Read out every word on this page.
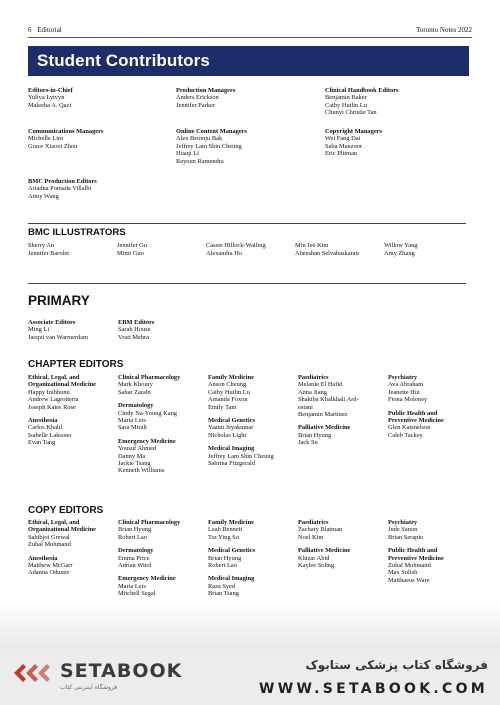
6 Editorial	Toronto Notes 2022
Student Contributors
Editors-in-Chief
Yuliya Lytvyn
Maleeha A. Qazi
Production Managers
Anders Erickson
Jennifer Parker
Clinical Handbook Editors
Benjamin Baker
Cathy Huilin Lu
Chunyi Christie Tan
Communications Managers
Michelle Lim
Grace Xiaoxi Zhou
Online Content Managers
Alex Beomju Bak
Jeffrey Lam Shin Cheung
Huaqi Li
Rayoun Ramendra
Copyright Managers
Wei Fang Dai
Saba Manzoor
Eric Plitman
BMC Production Editors
Ariadna Pomada Villalbi
Aimy Wang
BMC ILLUSTRATORS
Sherry An	Jennifer Gu	Cassie Hillock-Watling	Min Jee Kim	Willow Yang
Jennifer Barolet	Mimi Guo	Alexandra Ho	Abeeshan Selvabaskaran	Amy Zhang
PRIMARY
Associate Editors
Ming Li
Jacqui van Warmerdam
EBM Editors
Sarah House
Vrati Mehra
CHAPTER EDITORS
Ethical, Legal, and
Organizational Medicine
Happy Inibhunu
Andrew Lagrotteria
Joseph Kates Rose
Anesthesia
Carlos Khalil
Isabelle Laksono
Evan Tang
Clinical Pharmacology
Mark Khoury
Sahar Zarabi
Dermatology
Cindy Na-Young Kang
Maria Leis
Sara Mirali
Emergency Medicine
Yousuf Ahmed
Danny Ma
Jackie Tsang
Kenneth Williams
Family Medicine
Anson Cheung
Cathy Huilin Lu
Amanda Foxon
Emily Tam
Medical Genetics
Yaanu Jeyakumar
Nicholas Light
Medical Imaging
Jeffrey Lam Shin Cheung
Sabrina Fitzgerald
Paediatrics
Melanie El Hafid
Anna Jiang
Shakiba Khalkhali Ard-
estani
Benjamin Martinez
Palliative Medicine
Brian Hyung
Jack Su
Psychiatry
Ava Abraham
Jeanette Hui
Fiona Moloney
Public Health and
Preventive Medicine
Glen Katsnelson
Caleb Tackey
COPY EDITORS
Ethical, Legal, and
Organizational Medicine
Sahibjot Grewal
Zuhal Mohmand
Anesthesia
Matthew McGarr
Adanna Odunze
Clinical Pharmacology
Brian Hyung
Robert Lao
Dermatology
Emma Price
Adrian Witol
Emergency Medicine
Maria Leis
Mitchell Segal
Family Medicine
Leah Bennett
Tsz Ying So
Medical Genetics
Brian Hyung
Robert Lao
Medical Imaging
Raza Syed
Brian Tsang
Paediatrics
Zachary Blatman
Noel Kim
Palliative Medicine
Khizar Abid
Kaylee Sohng
Psychiatry
Jude Sanon
Brian Serapio
Public Health and
Preventive Medicine
Zuhal Mohmand
Max Solish
Matthaeus Ware
SETABOOK
فروشگاه اینترنتی کتاب
فروشگاه کتاب پزشکی ستابوک
WWW.SETABOOK.COM
